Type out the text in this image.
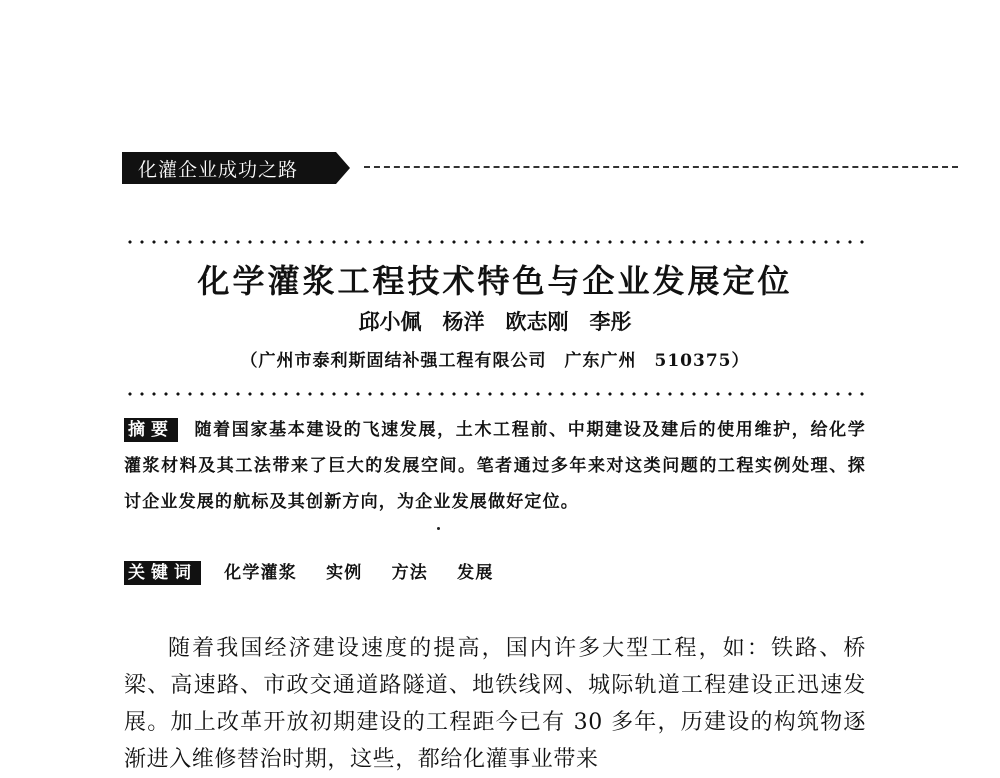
化灌企业成功之路
化学灌浆工程技术特色与企业发展定位
邱小佩　杨洋　欧志刚　李彤
（广州市泰利斯固结补强工程有限公司　广东广州　510375）
摘要 随着国家基本建设的飞速发展，土木工程前、中期建设及建后的使用维护，给化学灌浆材料及其工法带来了巨大的发展空间。笔者通过多年来对这类问题的工程实例处理、探讨企业发展的航标及其创新方向，为企业发展做好定位。
关键词 化学灌浆 实例 方法 发展
随着我国经济建设速度的提高，国内许多大型工程，如：铁路、桥梁、高速路、市政交通道路隧道、地铁线网、城际轨道工程建设正迅速发展。加上改革开放初期建设的工程距今已有 30 多年，历建设的构筑物逐渐进入维修替治时期，这些，都给化灌事业带来
